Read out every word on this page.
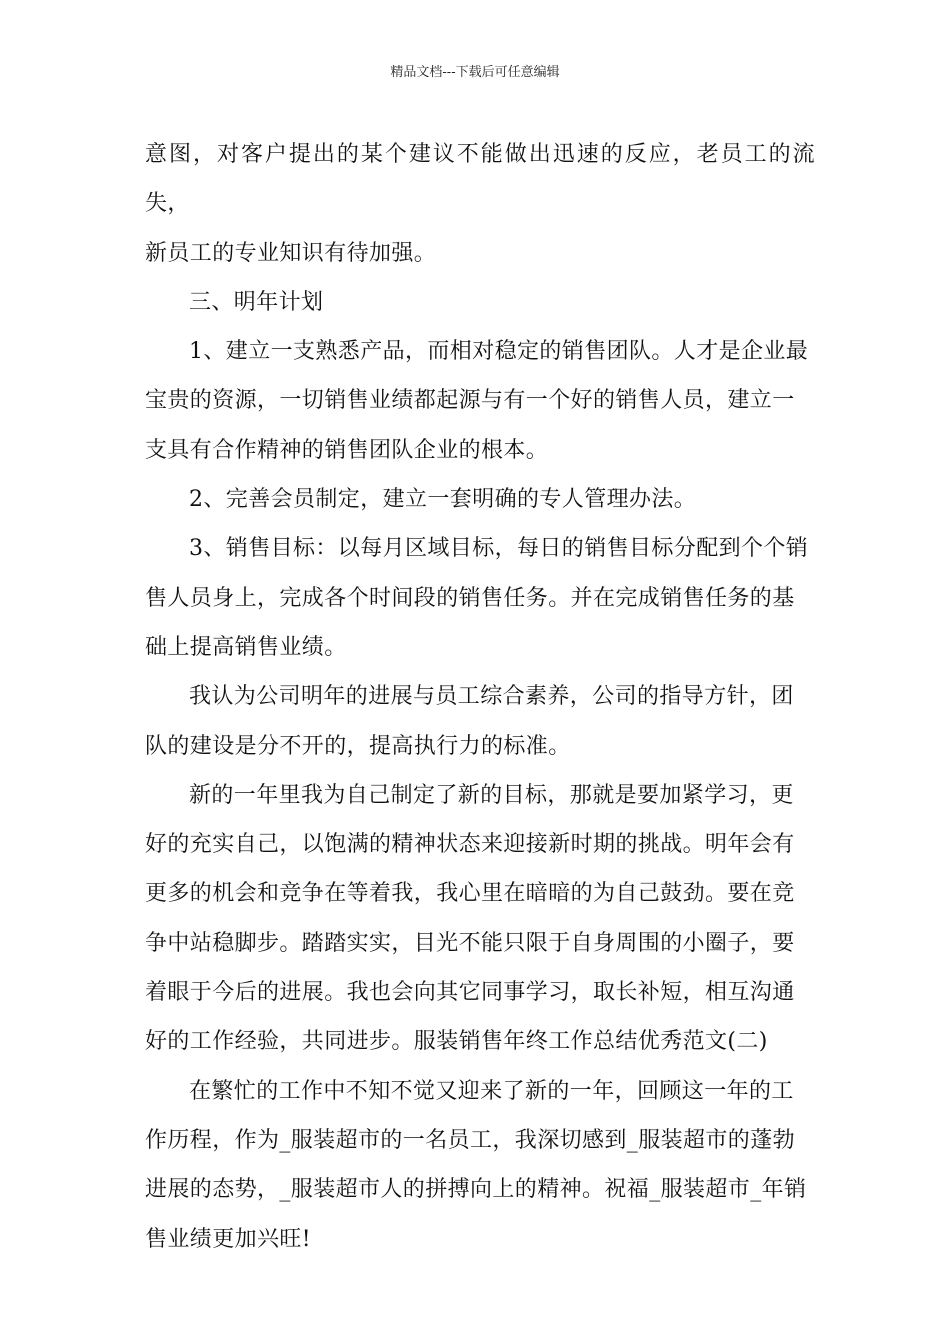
精品文档---下载后可任意编辑

意图，对客户提出的某个建议不能做出迅速的反应，老员工的流失，
新员工的专业知识有待加强。

三、明年计划

1、建立一支熟悉产品，而相对稳定的销售团队。人才是企业最
宝贵的资源，一切销售业绩都起源与有一个好的销售人员，建立一
支具有合作精神的销售团队企业的根本。

2、完善会员制定，建立一套明确的专人管理办法。

3、销售目标：以每月区域目标，每日的销售目标分配到个个销
售人员身上，完成各个时间段的销售任务。并在完成销售任务的基
础上提高销售业绩。

我认为公司明年的进展与员工综合素养，公司的指导方针，团
队的建设是分不开的，提高执行力的标准。

新的一年里我为自己制定了新的目标，那就是要加紧学习，更
好的充实自己，以饱满的精神状态来迎接新时期的挑战。明年会有
更多的机会和竞争在等着我，我心里在暗暗的为自己鼓劲。要在竞
争中站稳脚步。踏踏实实，目光不能只限于自身周围的小圈子，要
着眼于今后的进展。我也会向其它同事学习，取长补短，相互沟通
好的工作经验，共同进步。服装销售年终工作总结优秀范文(二)

在繁忙的工作中不知不觉又迎来了新的一年，回顾这一年的工
作历程，作为_服装超市的一名员工，我深切感到_服装超市的蓬勃
进展的态势，_服装超市人的拼搏向上的精神。祝福_服装超市_年销
售业绩更加兴旺!
